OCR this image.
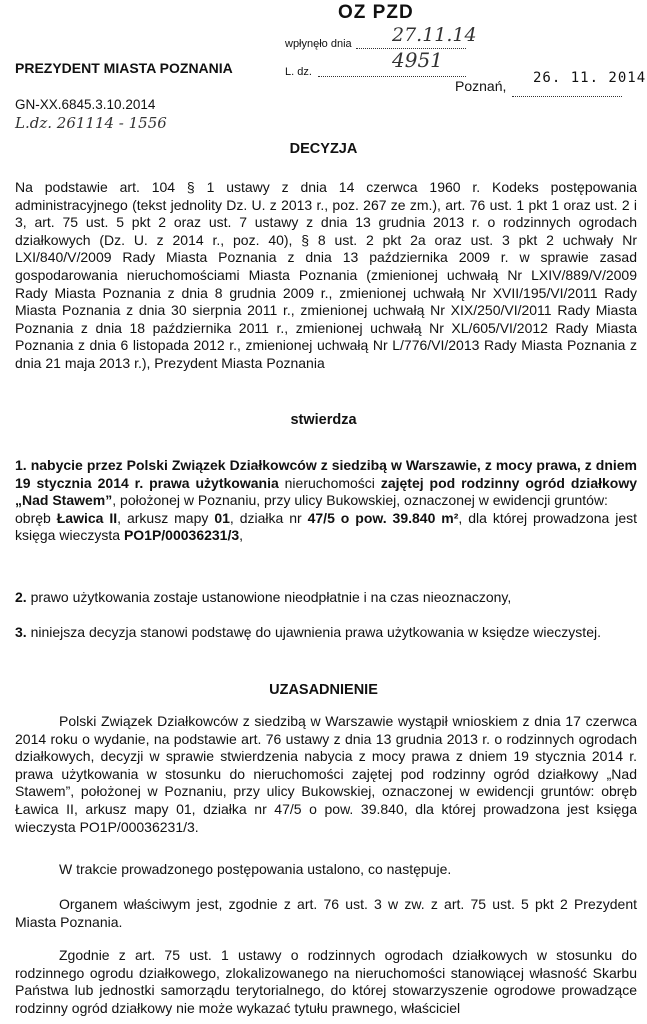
OZ PZD
wpłynęło dnia 27.11.14
L. dz.	4951
PREZYDENT MIASTA POZNANIA
Poznań, 26. 11. 2014
GN-XX.6845.3.10.2014
L.dz. 261114 - 1556
DECYZJA
Na podstawie art. 104 § 1 ustawy z dnia 14 czerwca 1960 r. Kodeks postępowania administracyjnego (tekst jednolity Dz. U. z 2013 r., poz. 267 ze zm.), art. 76 ust. 1 pkt 1 oraz ust. 2 i 3, art. 75 ust. 5 pkt 2 oraz ust. 7 ustawy z dnia 13 grudnia 2013 r. o rodzinnych ogrodach działkowych (Dz. U. z 2014 r., poz. 40), § 8 ust. 2 pkt 2a oraz ust. 3 pkt 2 uchwały Nr LXI/840/V/2009 Rady Miasta Poznania z dnia 13 października 2009 r. w sprawie zasad gospodarowania nieruchomościami Miasta Poznania (zmienionej uchwałą Nr LXIV/889/V/2009 Rady Miasta Poznania z dnia 8 grudnia 2009 r., zmienionej uchwałą Nr XVII/195/VI/2011 Rady Miasta Poznania z dnia 30 sierpnia 2011 r., zmienionej uchwałą Nr XIX/250/VI/2011 Rady Miasta Poznania z dnia 18 października 2011 r., zmienionej uchwałą Nr XL/605/VI/2012 Rady Miasta Poznania z dnia 6 listopada 2012 r., zmienionej uchwałą Nr L/776/VI/2013 Rady Miasta Poznania z dnia 21 maja 2013 r.), Prezydent Miasta Poznania
stwierdza
1. nabycie przez Polski Związek Działkowców z siedzibą w Warszawie, z mocy prawa, z dniem 19 stycznia 2014 r. prawa użytkowania nieruchomości zajętej pod rodzinny ogród działkowy „Nad Stawem”, położonej w Poznaniu, przy ulicy Bukowskiej, oznaczonej w ewidencji gruntów:
obręb Ławica II, arkusz mapy 01, działka nr 47/5 o pow. 39.840 m², dla której prowadzona jest księga wieczysta PO1P/00036231/3,
2. prawo użytkowania zostaje ustanowione nieodpłatnie i na czas nieoznaczony,
3. niniejsza decyzja stanowi podstawę do ujawnienia prawa użytkowania w księdze wieczystej.
UZASADNIENIE
Polski Związek Działkowców z siedzibą w Warszawie wystąpił wnioskiem z dnia 17 czerwca 2014 roku o wydanie, na podstawie art. 76 ustawy z dnia 13 grudnia 2013 r. o rodzinnych ogrodach działkowych, decyzji w sprawie stwierdzenia nabycia z mocy prawa z dniem 19 stycznia 2014 r. prawa użytkowania w stosunku do nieruchomości zajętej pod rodzinny ogród działkowy „Nad Stawem”, położonej w Poznaniu, przy ulicy Bukowskiej, oznaczonej w ewidencji gruntów: obręb Ławica II, arkusz mapy 01, działka nr 47/5 o pow. 39.840, dla której prowadzona jest księga wieczysta PO1P/00036231/3.
W trakcie prowadzonego postępowania ustalono, co następuje.
Organem właściwym jest, zgodnie z art. 76 ust. 3 w zw. z art. 75 ust. 5 pkt 2 Prezydent Miasta Poznania.
Zgodnie z art. 75 ust. 1 ustawy o rodzinnych ogrodach działkowych w stosunku do rodzinnego ogrodu działkowego, zlokalizowanego na nieruchomości stanowiącej własność Skarbu Państwa lub jednostki samorządu terytorialnego, do której stowarzyszenie ogrodowe prowadzące rodzinny ogród działkowy nie może wykazać tytułu prawnego, właściciel
